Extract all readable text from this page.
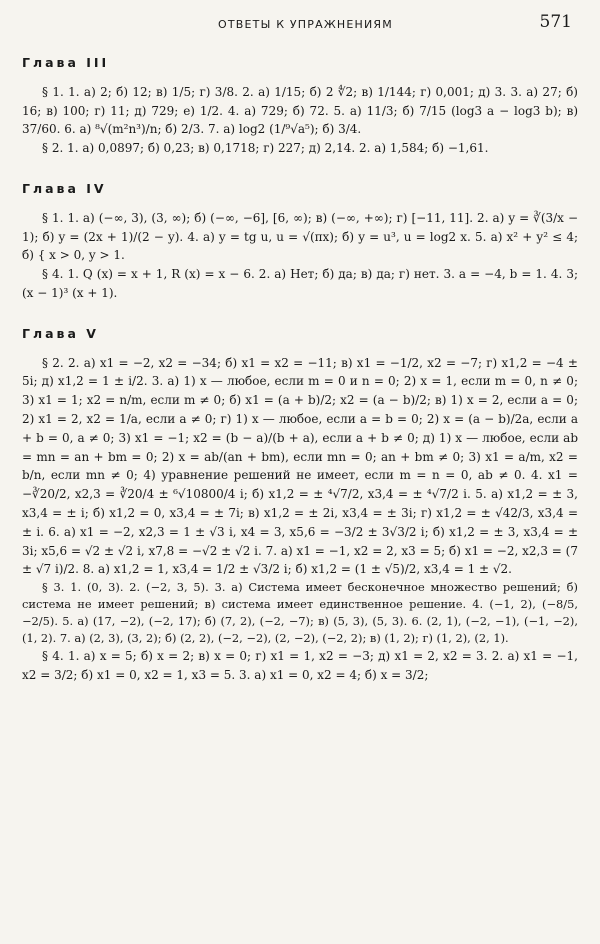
ОТВЕТЫ К УПРАЖНЕНИЯМ	571
Глава III

§ 1. 1. а) 2; б) 12; в) 1/5; г) 3/8. 2. а) 1/15; б) 2 ∜2; в) 1/144; г) 0,001; д) 3. 3. а) 27; б) 16; в) 100; г) 11; д) 729; е) 1/2. 4. а) 729; б) 72. 5. а) 11/3; б) 7/15 (log3 a − log3 b); в) 37/60. 6. а) ⁸√(m²n³)/n; б) 2/3. 7. а) log2 (1/⁹√a⁵); б) 3/4.

§ 2. 1. а) 0,0897; б) 0,23; в) 0,1718; г) 227; д) 2,14. 2. а) 1,584; б) −1,61.

Глава IV

§ 1. 1. а) (−∞, 3), (3, ∞); б) (−∞, −6], [6, ∞); в) (−∞, +∞); г) [−11, 11]. 2. а) y = ∛(3/x − 1); б) y = (2x + 1)/(2 − y). 4. а) y = tg u, u = √(πx); б) y = u³, u = log2 x. 5. а) x² + y² ≤ 4; б) { x > 0, y > 1.

§ 4. 1. Q (x) = x + 1, R (x) = x − 6. 2. а) Нет; б) да; в) да; г) нет. 3. a = −4, b = 1. 4. 3; (x − 1)³ (x + 1).

Глава V

§ 2. 2. а) x1 = −2, x2 = −34; б) x1 = x2 = −11; в) x1 = −1/2, x2 = −7; г) x1,2 = −4 ± 5i; д) x1,2 = 1 ± i/2. 3. а) 1) x — любое, если m = 0 и n = 0; 2) x = 1, если m = 0, n ≠ 0; 3) x1 = 1; x2 = n/m, если m ≠ 0; б) x1 = (a + b)/2; x2 = (a − b)/2; в) 1) x = 2, если a = 0; 2) x1 = 2, x2 = 1/a, если a ≠ 0; г) 1) x — любое, если a = b = 0; 2) x = (a − b)/2a, если a + b = 0, a ≠ 0; 3) x1 = −1; x2 = (b − a)/(b + a), если a + b ≠ 0; д) 1) x — любое, если ab = mn = an + bm = 0; 2) x = ab/(an + bm), если mn = 0; an + bm ≠ 0; 3) x1 = a/m, x2 = b/n, если mn ≠ 0; 4) уравнение решений не имеет, если m = n = 0, ab ≠ 0. 4. x1 = −∛20/2, x2,3 = ∛20/4 ± ⁶√10800/4 i; б) x1,2 = ± ⁴√7/2, x3,4 = ± ⁴√7/2 i. 5. а) x1,2 = ± 3, x3,4 = ± i; б) x1,2 = 0, x3,4 = ± 7i; в) x1,2 = ± 2i, x3,4 = ± 3i; г) x1,2 = ± √42/3, x3,4 = ± i. 6. а) x1 = −2, x2,3 = 1 ± √3 i, x4 = 3, x5,6 = −3/2 ± 3√3/2 i; б) x1,2 = ± 3, x3,4 = ± 3i; x5,6 = √2 ± √2 i, x7,8 = −√2 ± √2 i. 7. а) x1 = −1, x2 = 2, x3 = 5; б) x1 = −2, x2,3 = (7 ± √7 i)/2. 8. а) x1,2 = 1, x3,4 = 1/2 ± √3/2 i; б) x1,2 = (1 ± √5)/2, x3,4 = 1 ± √2.

§ 3. 1. (0, 3). 2. (−2, 3, 5). 3. а) Система имеет бесконечное множество решений; б) система не имеет решений; в) система имеет единственное решение. 4. (−1, 2), (−8/5, −2/5). 5. а) (17, −2), (−2, 17); б) (7, 2), (−2, −7); в) (5, 3), (5, 3). 6. (2, 1), (−2, −1), (−1, −2), (1, 2). 7. а) (2, 3), (3, 2); б) (2, 2), (−2, −2), (2, −2), (−2, 2); в) (1, 2); г) (1, 2), (2, 1).

§ 4. 1. а) x = 5; б) x = 2; в) x = 0; г) x1 = 1, x2 = −3; д) x1 = 2, x2 = 3. 2. а) x1 = −1, x2 = 3/2; б) x1 = 0, x2 = 1, x3 = 5. 3. а) x1 = 0, x2 = 4; б) x = 3/2;
